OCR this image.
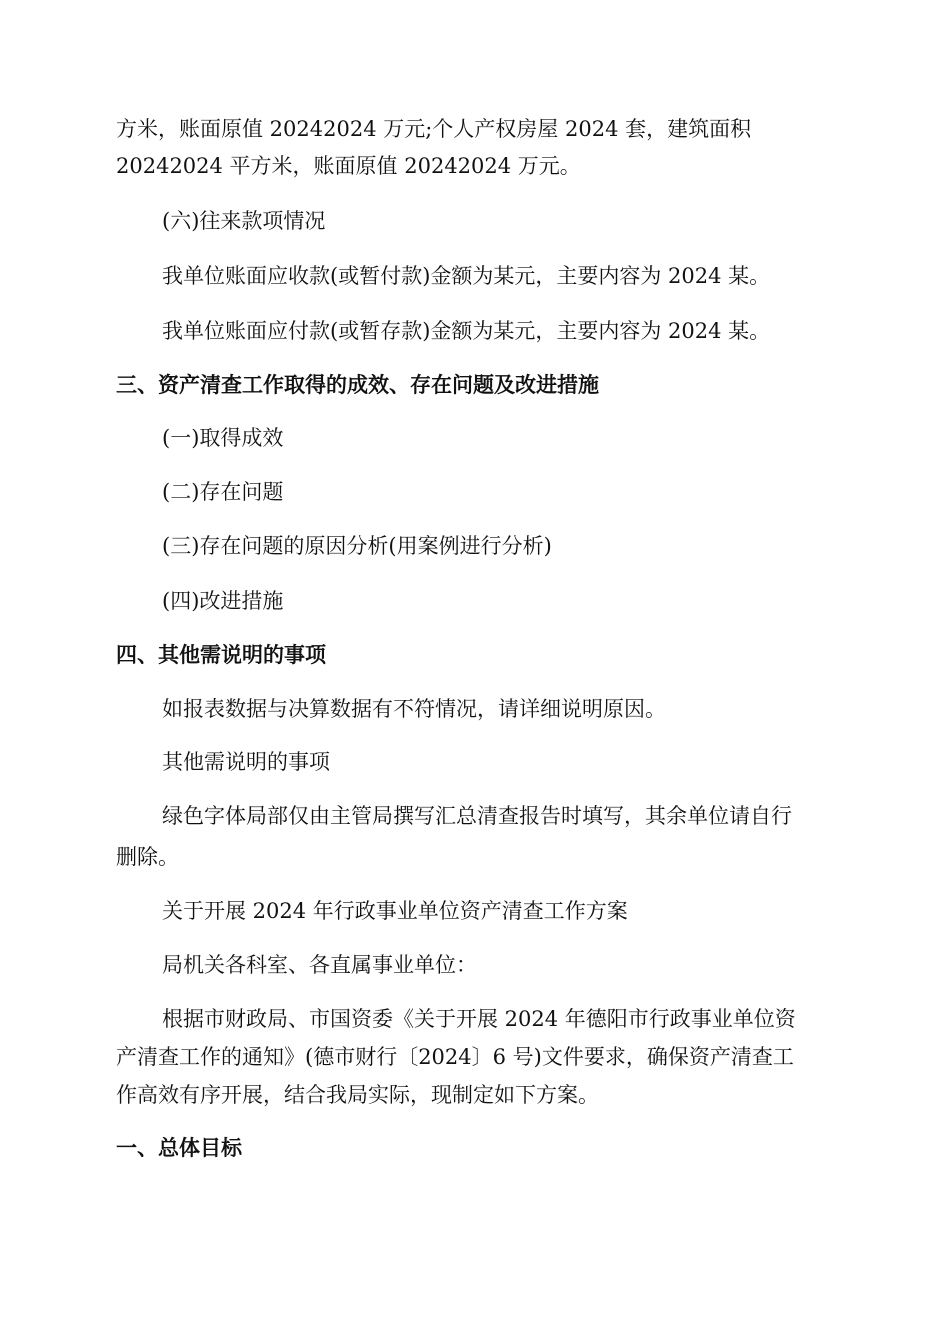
方米，账面原值 20242024 万元;个人产权房屋 2024 套，建筑面积
20242024 平方米，账面原值 20242024 万元。
(六)往来款项情况
我单位账面应收款(或暂付款)金额为某元，主要内容为 2024 某。
我单位账面应付款(或暂存款)金额为某元，主要内容为 2024 某。
三、资产清查工作取得的成效、存在问题及改进措施
(一)取得成效
(二)存在问题
(三)存在问题的原因分析(用案例进行分析)
(四)改进措施
四、其他需说明的事项
如报表数据与决算数据有不符情况，请详细说明原因。
其他需说明的事项
绿色字体局部仅由主管局撰写汇总清查报告时填写，其余单位请自行
删除。
关于开展 2024 年行政事业单位资产清查工作方案
局机关各科室、各直属事业单位：
根据市财政局、市国资委《关于开展 2024 年德阳市行政事业单位资
产清查工作的通知》(德市财行〔2024〕6 号)文件要求，确保资产清查工
作高效有序开展，结合我局实际，现制定如下方案。
一、总体目标
